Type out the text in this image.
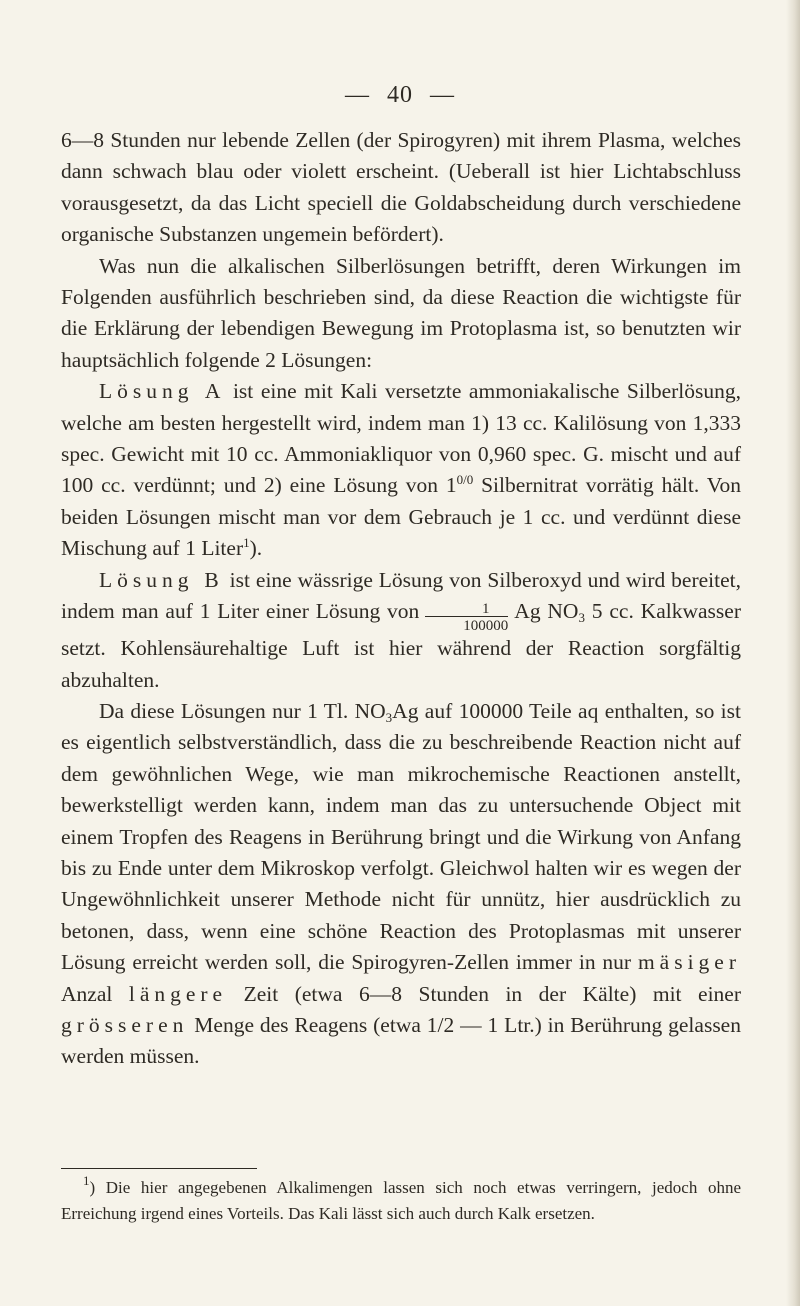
— 40 —

6—8 Stunden nur lebende Zellen (der Spirogyren) mit ihrem Plasma, welches dann schwach blau oder violett erscheint. (Ueberall ist hier Lichtabschluss vorausgesetzt, da das Licht speciell die Goldabscheidung durch verschiedene organische Substanzen ungemein befördert).

Was nun die alkalischen Silberlösungen betrifft, deren Wirkungen im Folgenden ausführlich beschrieben sind, da diese Reaction die wichtigste für die Erklärung der lebendigen Bewegung im Protoplasma ist, so benutzten wir hauptsächlich folgende 2 Lösungen:

Lösung A ist eine mit Kali versetzte ammoniakalische Silberlösung, welche am besten hergestellt wird, indem man 1) 13 cc. Kalilösung von 1,333 spec. Gewicht mit 10 cc. Ammoniakliquor von 0,960 spec. G. mischt und auf 100 cc. verdünnt; und 2) eine Lösung von $1^{0/0}$ Silbernitrat vorrätig hält. Von beiden Lösungen mischt man vor dem Gebrauch je 1 cc. und verdünnt diese Mischung auf 1 Liter$^1$).

Lösung B ist eine wässrige Lösung von Silberoxyd und wird bereitet, indem man auf 1 Liter einer Lösung von $\frac{1}{100000}$ Ag $NO_3$ 5 cc. Kalkwasser setzt. Kohlensäurehaltige Luft ist hier während der Reaction sorgfältig abzuhalten.

Da diese Lösungen nur 1 Tl. $NO_3Ag$ auf 100000 Teile aq enthalten, so ist es eigentlich selbstverständlich, dass die zu beschreibende Reaction nicht auf dem gewöhnlichen Wege, wie man mikrochemische Reactionen anstellt, bewerkstelligt werden kann, indem man das zu untersuchende Object mit einem Tropfen des Reagens in Berührung bringt und die Wirkung von Anfang bis zu Ende unter dem Mikroskop verfolgt. Gleichwol halten wir es wegen der Ungewöhnlichkeit unserer Methode nicht für unnütz, hier ausdrücklich zu betonen, dass, wenn eine schöne Reaction des Protoplasmas mit unserer Lösung erreicht werden soll, die Spirogyren-Zellen immer in nur mäsiger Anzal längere Zeit (etwa 6—8 Stunden in der Kälte) mit einer grösseren Menge des Reagens (etwa 1/2 — 1 Ltr.) in Berührung gelassen werden müssen.

$^1$) Die hier angegebenen Alkalimengen lassen sich noch etwas verringern, jedoch ohne Erreichung irgend eines Vorteils. Das Kali lässt sich auch durch Kalk ersetzen.
